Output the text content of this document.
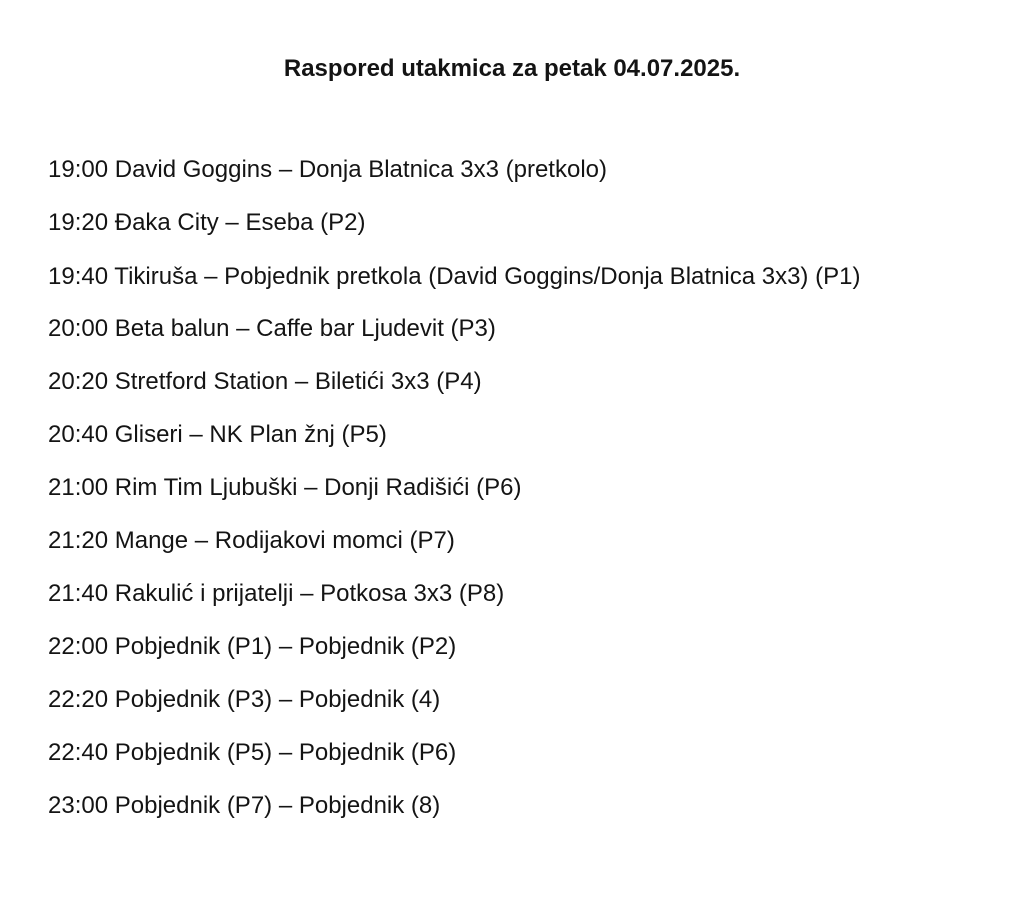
Raspored utakmica za petak 04.07.2025.
19:00 David Goggins – Donja Blatnica 3x3 (pretkolo)
19:20 Đaka City – Eseba (P2)
19:40 Tikiruša – Pobjednik pretkola (David Goggins/Donja Blatnica 3x3) (P1)
20:00 Beta balun – Caffe bar Ljudevit (P3)
20:20 Stretford Station – Biletići 3x3 (P4)
20:40 Gliseri – NK Plan žnj (P5)
21:00 Rim Tim Ljubuški – Donji Radišići (P6)
21:20 Mange – Rodijakovi momci (P7)
21:40 Rakulić i prijatelji – Potkosa 3x3 (P8)
22:00 Pobjednik (P1) – Pobjednik (P2)
22:20 Pobjednik (P3) – Pobjednik (4)
22:40 Pobjednik (P5) – Pobjednik (P6)
23:00 Pobjednik (P7) – Pobjednik (8)
